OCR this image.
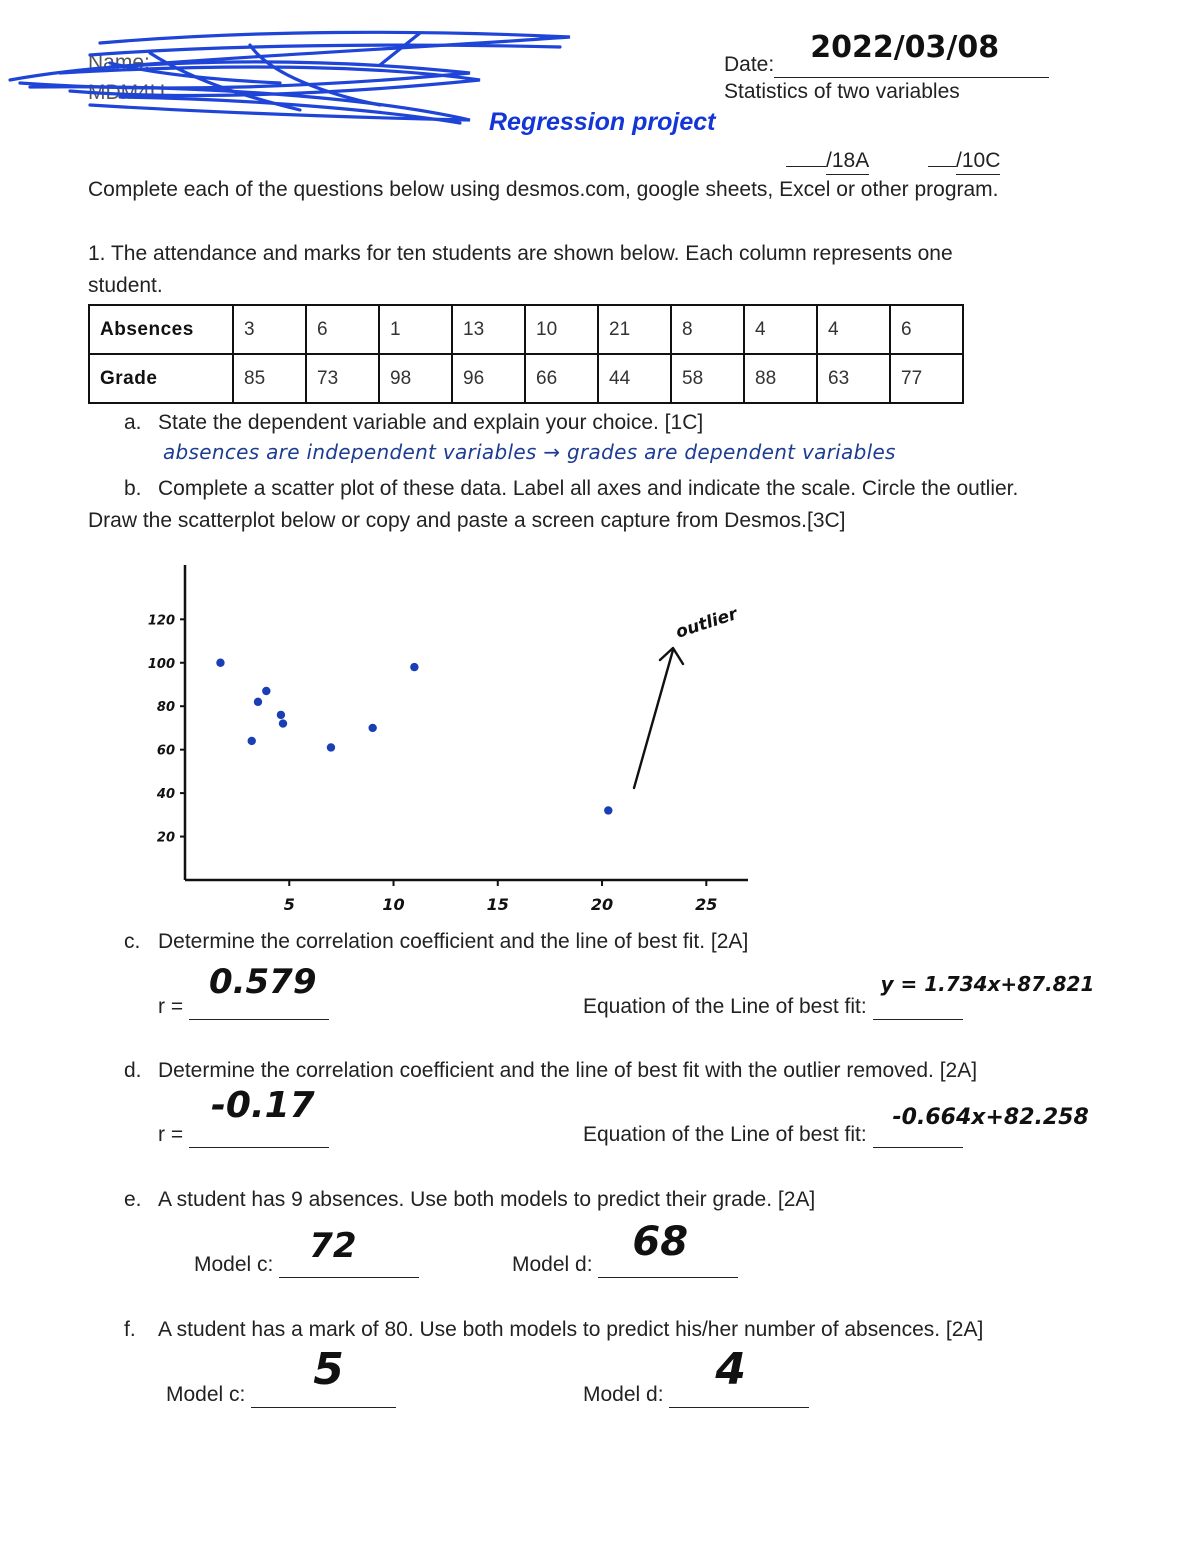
Name:
MDM4U
Date: 2022/03/08
Statistics of two variables
Regression project
/18A	/10C
Complete each of the questions below using desmos.com, google sheets, Excel or other program.
1. The attendance and marks for ten students are shown below. Each column represents one
student.
Absences	3	6	1	13	10	21	8	4	4	6
Grade	85	73	98	96	66	44	58	88	63	77
a. State the dependent variable and explain your choice. [1C]
absences are independent variables → grades are dependent variables
b. Complete a scatter plot of these data. Label all axes and indicate the scale. Circle the outlier.
Draw the scatterplot below or copy and paste a screen capture from Desmos.[3C]
5	10	15	20	25
120
100
80
60
40
20
outlier
c. Determine the correlation coefficient and the line of best fit. [2A]
r =
0.579
Equation of the Line of best fit:
y = 1.734x+87.821
d. Determine the correlation coefficient and the line of best fit with the outlier removed. [2A]
r =
-0.17
Equation of the Line of best fit:
-0.664x+82.258
e. A student has 9 absences. Use both models to predict their grade. [2A]
Model c: 72	Model d: 68
f. A student has a mark of 80. Use both models to predict his/her number of absences. [2A]
Model c: 5	Model d: 4
